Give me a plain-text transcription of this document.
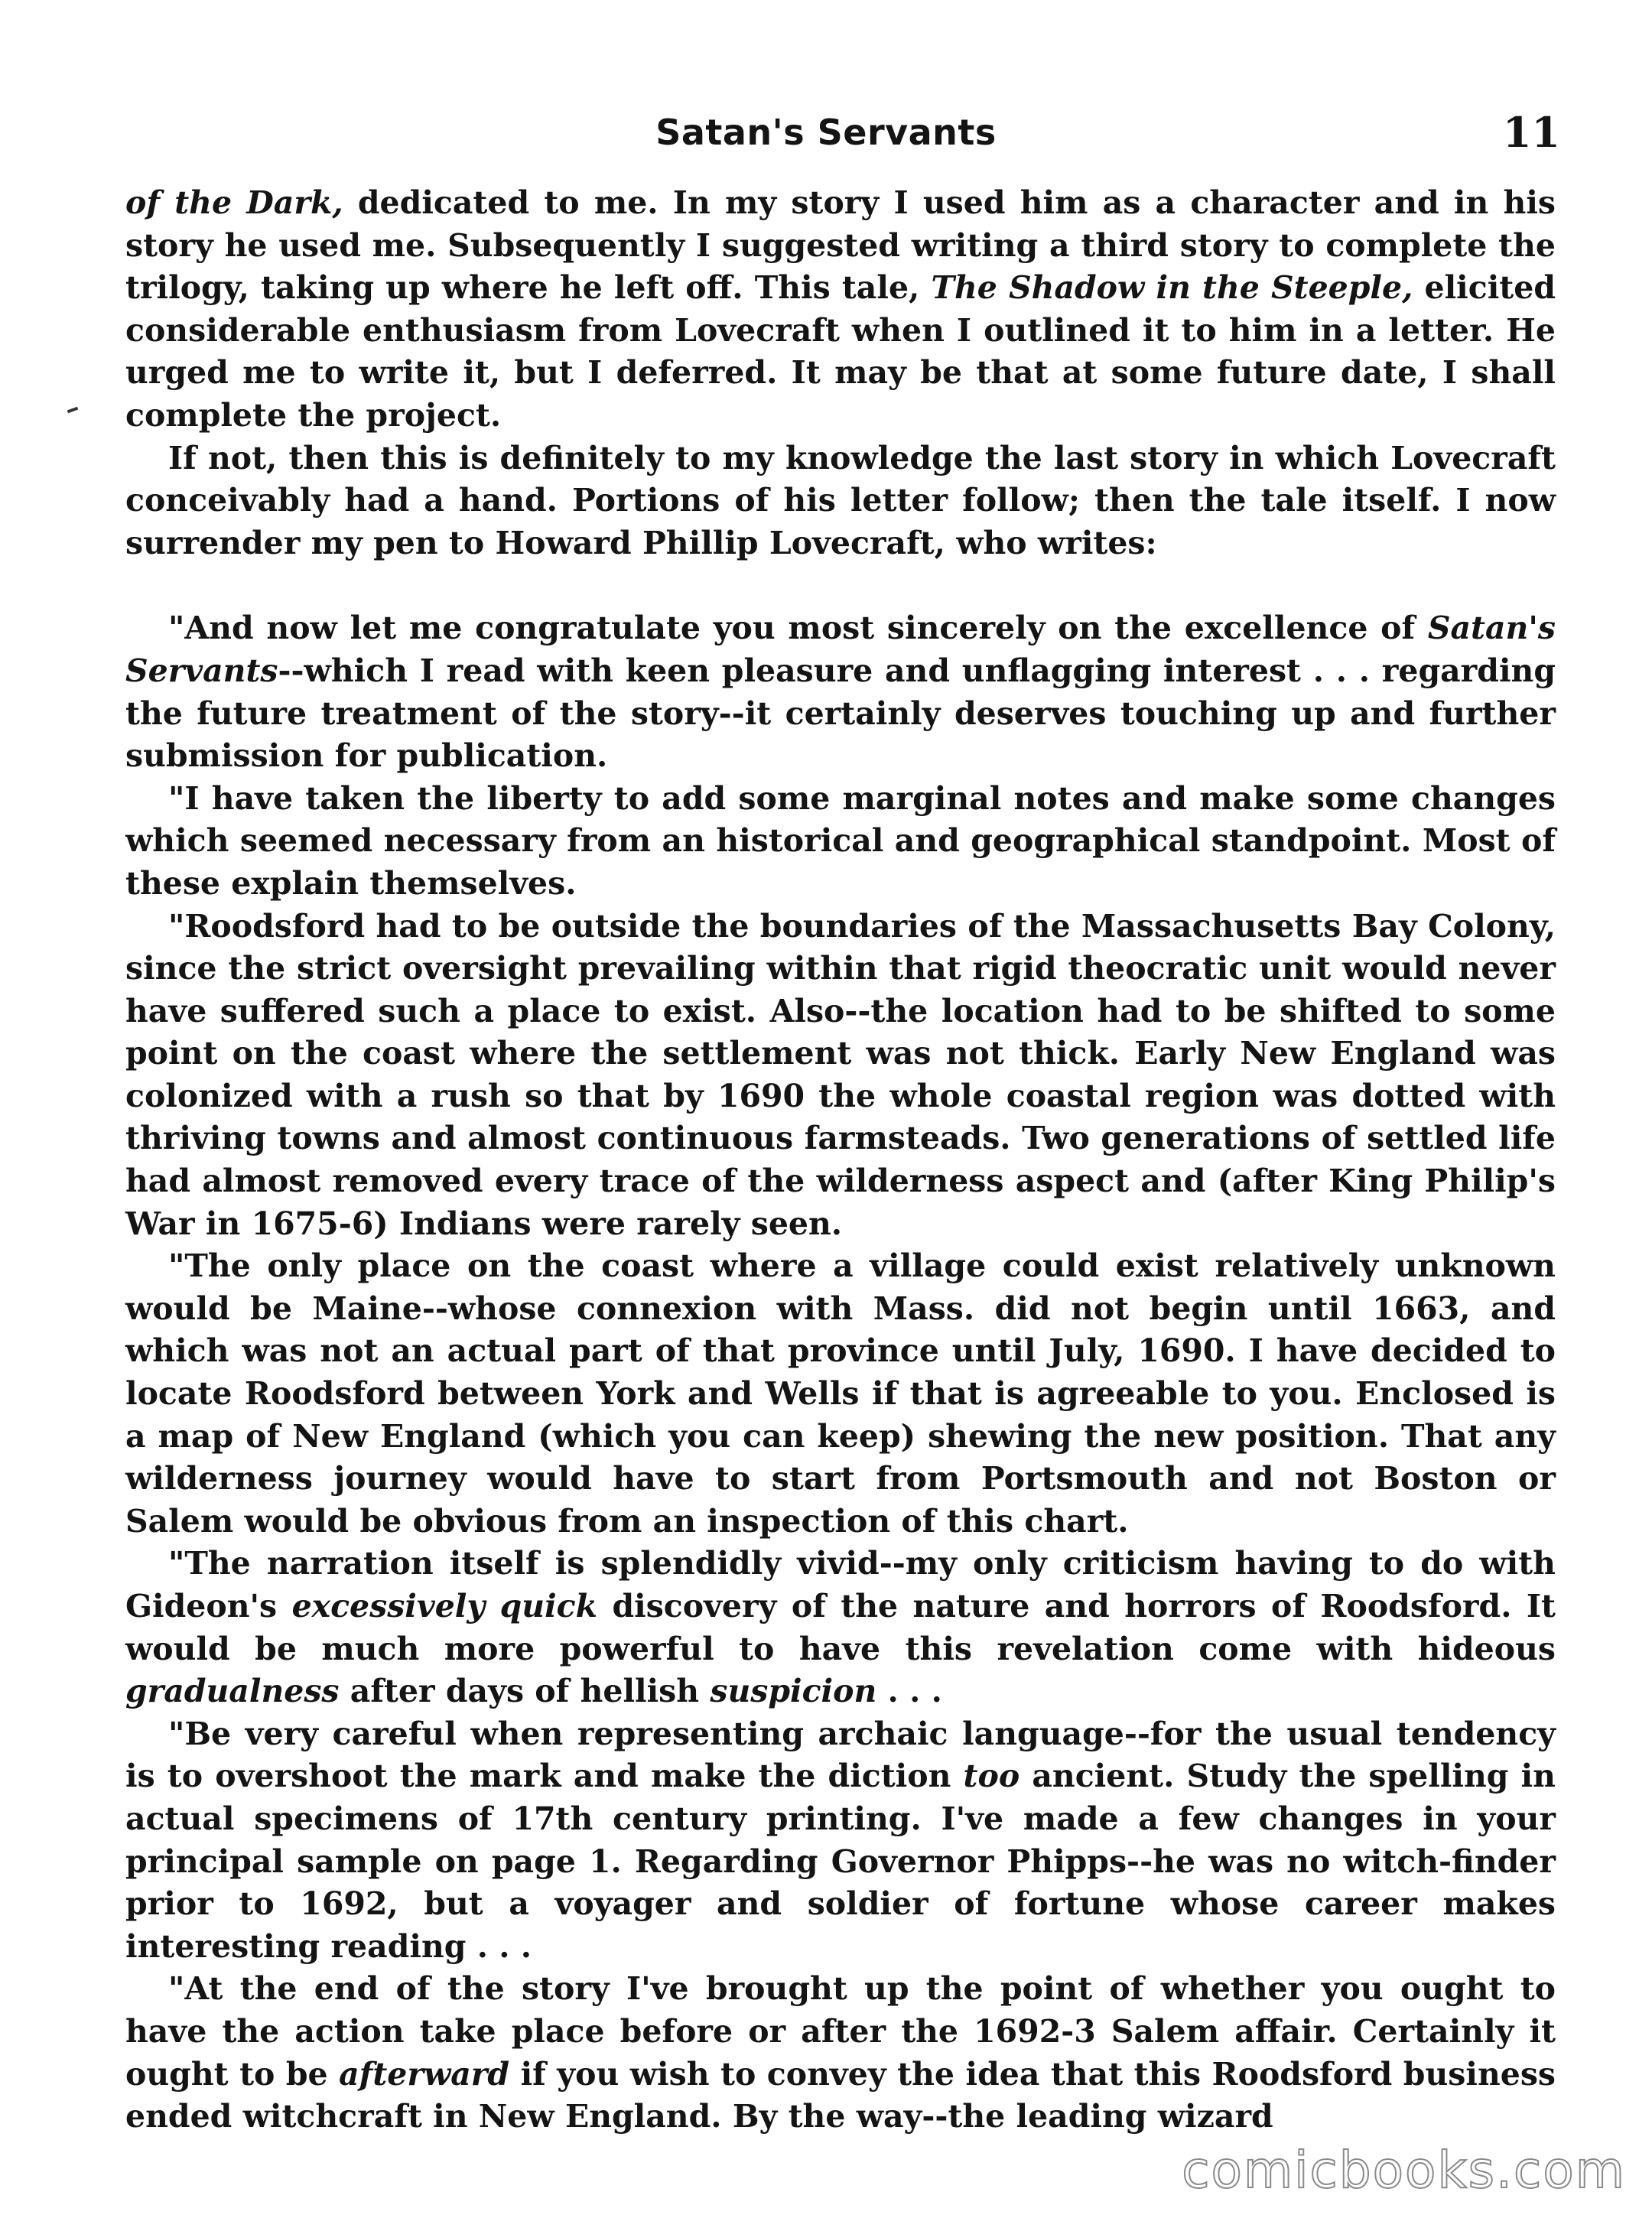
Satan's Servants	11

of the Dark, dedicated to me. In my story I used him as a character and in his story he used me. Subsequently I suggested writing a third story to complete the trilogy, taking up where he left off. This tale, The Shadow in the Steeple, elicited considerable enthusiasm from Lovecraft when I outlined it to him in a letter. He urged me to write it, but I deferred. It may be that at some future date, I shall complete the project.

If not, then this is definitely to my knowledge the last story in which Lovecraft conceivably had a hand. Portions of his letter follow; then the tale itself. I now surrender my pen to Howard Phillip Lovecraft, who writes:

"And now let me congratulate you most sincerely on the excellence of Satan's Servants--which I read with keen pleasure and unflagging interest . . . regarding the future treatment of the story--it certainly deserves touching up and further submission for publication.

"I have taken the liberty to add some marginal notes and make some changes which seemed necessary from an historical and geographical standpoint. Most of these explain themselves.

"Roodsford had to be outside the boundaries of the Massachusetts Bay Colony, since the strict oversight prevailing within that rigid theocratic unit would never have suffered such a place to exist. Also--the location had to be shifted to some point on the coast where the settlement was not thick. Early New England was colonized with a rush so that by 1690 the whole coastal region was dotted with thriving towns and almost continuous farmsteads. Two generations of settled life had almost removed every trace of the wilderness aspect and (after King Philip's War in 1675-6) Indians were rarely seen.

"The only place on the coast where a village could exist relatively unknown would be Maine--whose connexion with Mass. did not begin until 1663, and which was not an actual part of that province until July, 1690. I have decided to locate Roodsford between York and Wells if that is agreeable to you. Enclosed is a map of New England (which you can keep) shewing the new position. That any wilderness journey would have to start from Portsmouth and not Boston or Salem would be obvious from an inspection of this chart.

"The narration itself is splendidly vivid--my only criticism having to do with Gideon's excessively quick discovery of the nature and horrors of Roodsford. It would be much more powerful to have this revelation come with hideous gradualness after days of hellish suspicion . . .

"Be very careful when representing archaic language--for the usual tendency is to overshoot the mark and make the diction too ancient. Study the spelling in actual specimens of 17th century printing. I've made a few changes in your principal sample on page 1. Regarding Governor Phipps--he was no witch-finder prior to 1692, but a voyager and soldier of fortune whose career makes interesting reading . . .

"At the end of the story I've brought up the point of whether you ought to have the action take place before or after the 1692-3 Salem affair. Certainly it ought to be afterward if you wish to convey the idea that this Roodsford business ended witchcraft in New England. By the way--the leading wizard

comicbooks.com
